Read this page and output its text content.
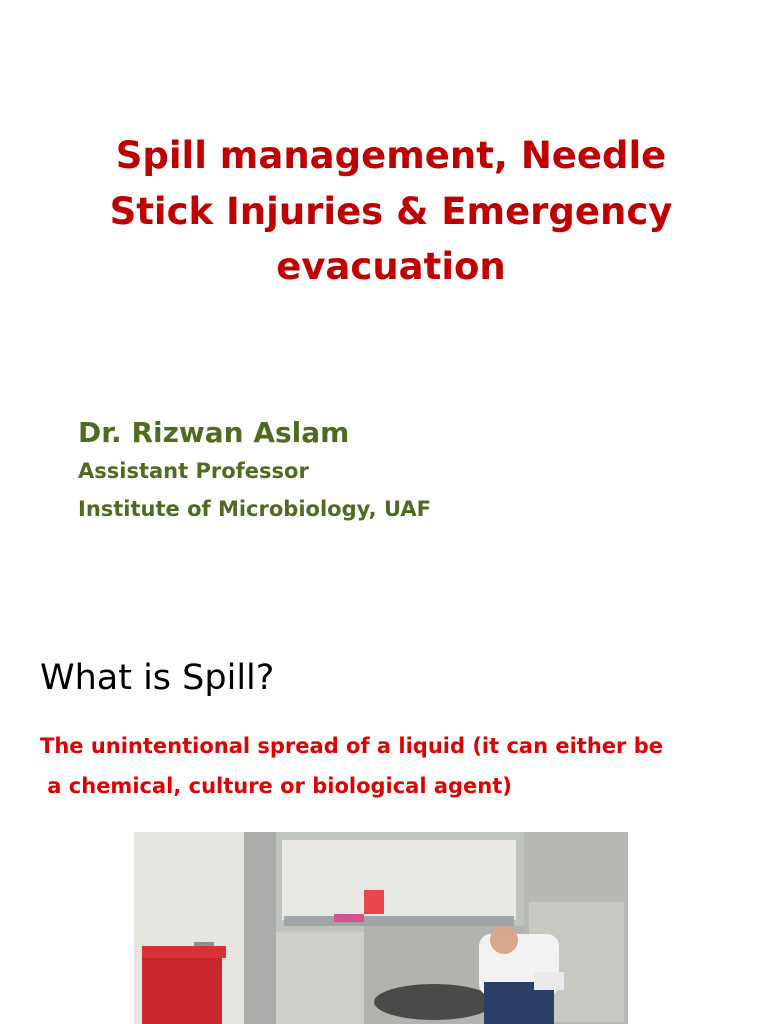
Spill management, Needle
Stick Injuries & Emergency
evacuation

Dr. Rizwan Aslam

Assistant Professor

Institute of Microbiology, UAF

What is Spill?

The unintentional spread of a liquid (it can either be
a chemical, culture or biological agent)
